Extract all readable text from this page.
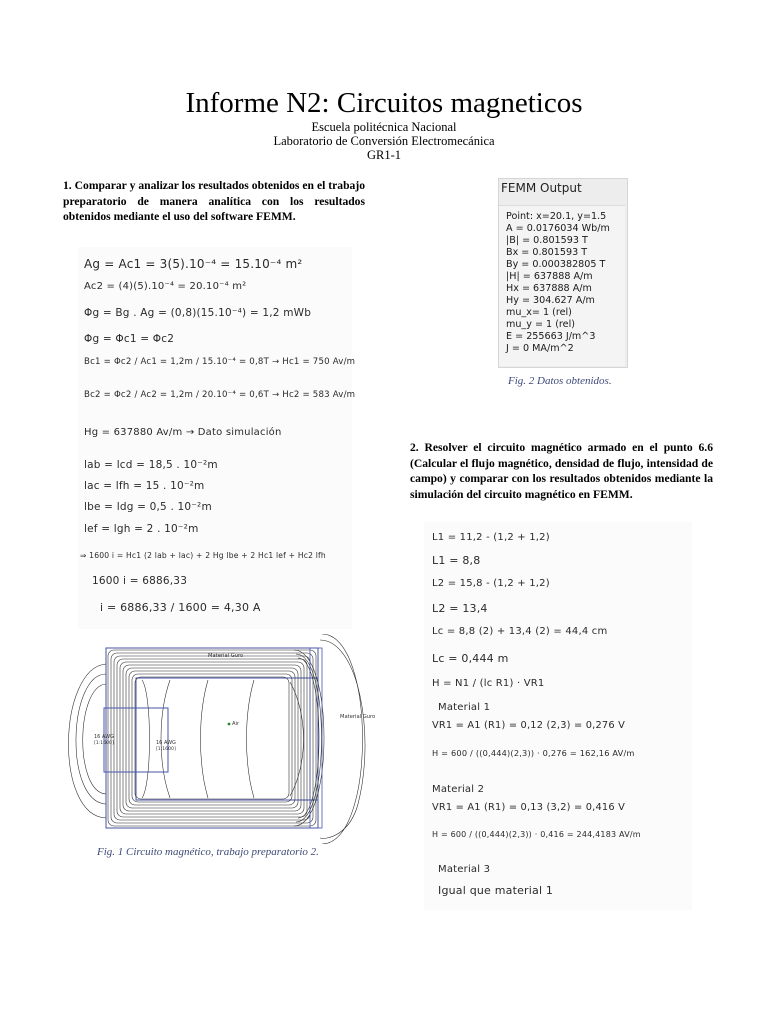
Informe N2: Circuitos magneticos
Escuela politécnica Nacional
Laboratorio de Conversión Electromecánica
GR1-1
1. Comparar y analizar los resultados obtenidos en el trabajo preparatorio de manera analítica con los resultados obtenidos mediante el uso del software FEMM.
Ag = Ac1 = 3(5).10⁻⁴ = 15.10⁻⁴ m²
Ac2 = (4)(5).10⁻⁴ = 20.10⁻⁴ m²
Φg = Bg . Ag = (0,8)(15.10⁻⁴) = 1,2 mWb
Φg = Φc1 = Φc2
Bc1 = Φc2 / Ac1 = 1,2m / 15.10⁻⁴ = 0,8T → Hc1 = 750 Av/m
Bc2 = Φc2 / Ac2 = 1,2m / 20.10⁻⁴ = 0,6T → Hc2 = 583 Av/m
Hg = 637880 Av/m → Dato simulación
lab = lcd = 18,5 . 10⁻²m
lac = lfh = 15 . 10⁻²m
lbe = ldg = 0,5 . 10⁻²m
lef = lgh = 2 . 10⁻²m
⇒ 1600 i = Hc1 (2 lab + lac) + 2 Hg lbe + 2 Hc1 lef + Hc2 lfh
1600 i = 6886,33
i = 6886,33 / 1600 = 4,30 A
Material Guro
Material Guro
16 AWG
[1:1600]	16 AWG
[1:1600]
Air
Fig. 1 Circuito magnético, trabajo preparatorio 2.
FEMM Output
Point: x=20.1, y=1.5
A = 0.0176034 Wb/m
|B| = 0.801593 T
Bx = 0.801593 T
By = 0.000382805 T
|H| = 637888 A/m
Hx = 637888 A/m
Hy = 304.627 A/m
mu_x= 1 (rel)
mu_y = 1 (rel)
E = 255663 J/m^3
J = 0 MA/m^2
Fig. 2 Datos obtenidos.
2. Resolver el circuito magnético armado en el punto 6.6 (Calcular el flujo magnético, densidad de flujo, intensidad de campo) y comparar con los resultados obtenidos mediante la simulación del circuito magnético en FEMM.
L1 = 11,2 - (1,2 + 1,2)
L1 = 8,8
L2 = 15,8 - (1,2 + 1,2)
L2 = 13,4
Lc = 8,8 (2) + 13,4 (2) = 44,4 cm
Lc = 0,444 m
H = N1 / (lc R1) · VR1
Material 1
VR1 = A1 (R1) = 0,12 (2,3) = 0,276 V
H = 600 / ((0,444)(2,3)) · 0,276 = 162,16 AV/m
Material 2
VR1 = A1 (R1) = 0,13 (3,2) = 0,416 V
H = 600 / ((0,444)(2,3)) · 0,416 = 244,4183 AV/m
Material 3
Igual que material 1
